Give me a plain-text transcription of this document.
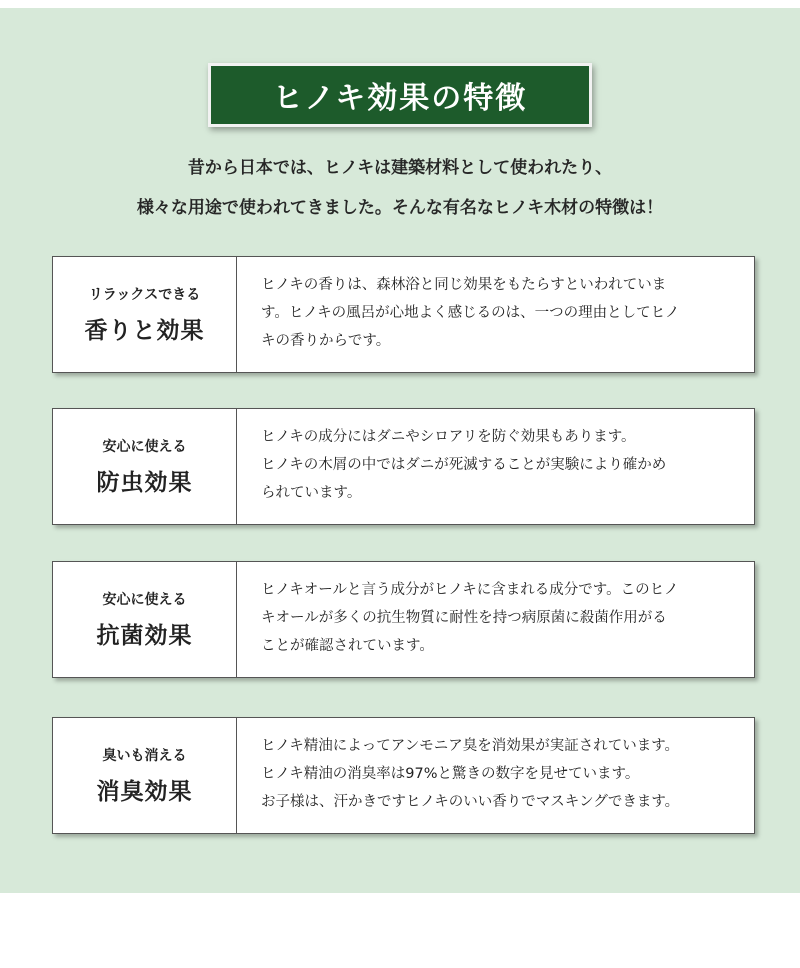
ヒノキ効果の特徴
昔から日本では、ヒノキは建築材料として使われたり、
様々な用途で使われてきました。そんな有名なヒノキ木材の特徴は！
リラックスできる
香りと効果
ヒノキの香りは、森林浴と同じ効果をもたらすといわれていま
す。ヒノキの風呂が心地よく感じるのは、一つの理由としてヒノ
キの香りからです。
安心に使える
防虫効果
ヒノキの成分にはダニやシロアリを防ぐ効果もあります。
ヒノキの木屑の中ではダニが死滅することが実験により確かめ
られています。
安心に使える
抗菌効果
ヒノキオールと言う成分がヒノキに含まれる成分です。このヒノ
キオールが多くの抗生物質に耐性を持つ病原菌に殺菌作用がる
ことが確認されています。
臭いも消える
消臭効果
ヒノキ精油によってアンモニア臭を消効果が実証されています。
ヒノキ精油の消臭率は97%と驚きの数字を見せています。
お子様は、汗かきですヒノキのいい香りでマスキングできます。
